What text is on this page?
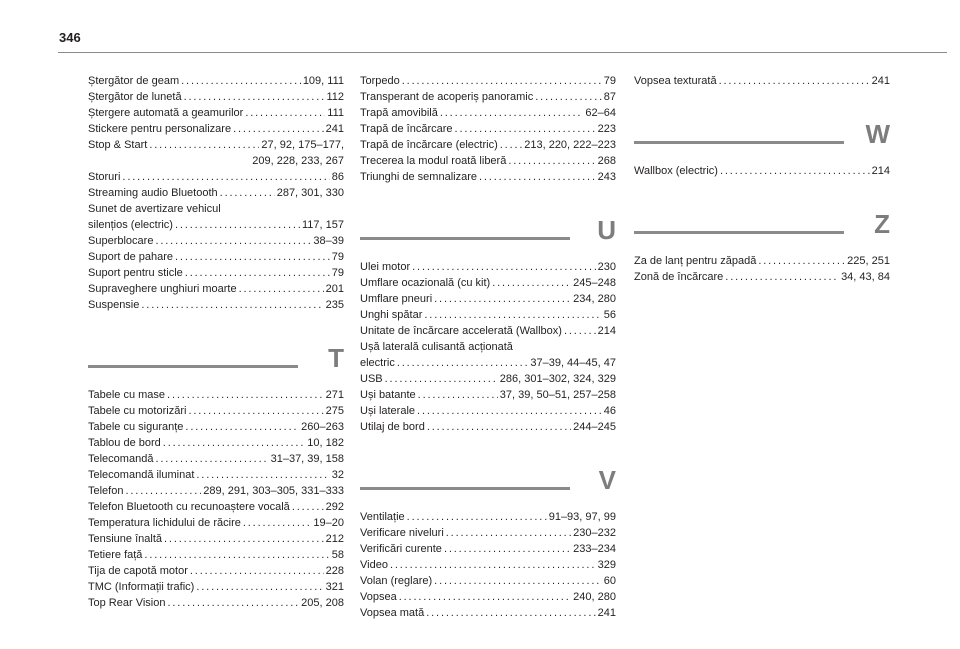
346
Ștergător de geam . . .	109, 111
Ștergător de lunetă . . .	112
Ștergere automată a geamurilor . . .	111
Stickere pentru personalizare . . .	241
Stop & Start . . .	27, 92, 175–177,
209, 228, 233, 267
Storuri . . .	86
Streaming audio Bluetooth . . .	287, 301, 330
Sunet de avertizare vehicul
silențios (electric) . . .	117, 157
Superblocare . . .	38–39
Suport de pahare . . .	79
Suport pentru sticle . . .	79
Supraveghere unghiuri moarte . . .	201
Suspensie . . .	235
T
Tabele cu mase . . .	271
Tabele cu motorizări . . .	275
Tabele cu siguranțe . . .	260–263
Tablou de bord . . .	10, 182
Telecomandă . . .	31–37, 39, 158
Telecomandă iluminat . . .	32
Telefon . . .	289, 291, 303–305, 331–333
Telefon Bluetooth cu recunoaștere vocală . . .	292
Temperatura lichidului de răcire . . .	19–20
Tensiune înaltă . . .	212
Tetiere față . . .	58
Tija de capotă motor . . .	228
TMC (Informații trafic) . . .	321
Top Rear Vision . . .	205, 208
Torpedo . . .	79
Transperant de acoperiș panoramic . . .	87
Trapă amovibilă . . .	62–64
Trapă de încărcare . . .	223
Trapă de încărcare (electric) . . . 213, 220, 222–223
Trecerea la modul roată liberă . . .	268
Triunghi de semnalizare . . .	243
U
Ulei motor . . .	230
Umflare ocazională (cu kit) . . .	245–248
Umflare pneuri . . .	234, 280
Unghi spătar . . .	56
Unitate de încărcare accelerată (Wallbox) . . .	214
Ușă laterală culisantă acționată
electric . . .	37–39, 44–45, 47
USB . . .	286, 301–302, 324, 329
Uși batante . . .	37, 39, 50–51, 257–258
Uși laterale . . .	46
Utilaj de bord . . .	244–245
V
Ventilație . . .	91–93, 97, 99
Verificare niveluri . . .	230–232
Verificări curente . . .	233–234
Video . . .	329
Volan (reglare) . . .	60
Vopsea . . .	240, 280
Vopsea mată . . .	241
Vopsea texturată . . .	241
W
Wallbox (electric) . . .	214
Z
Za de lanț pentru zăpadă . . .	225, 251
Zonă de încărcare . . .	34, 43, 84
